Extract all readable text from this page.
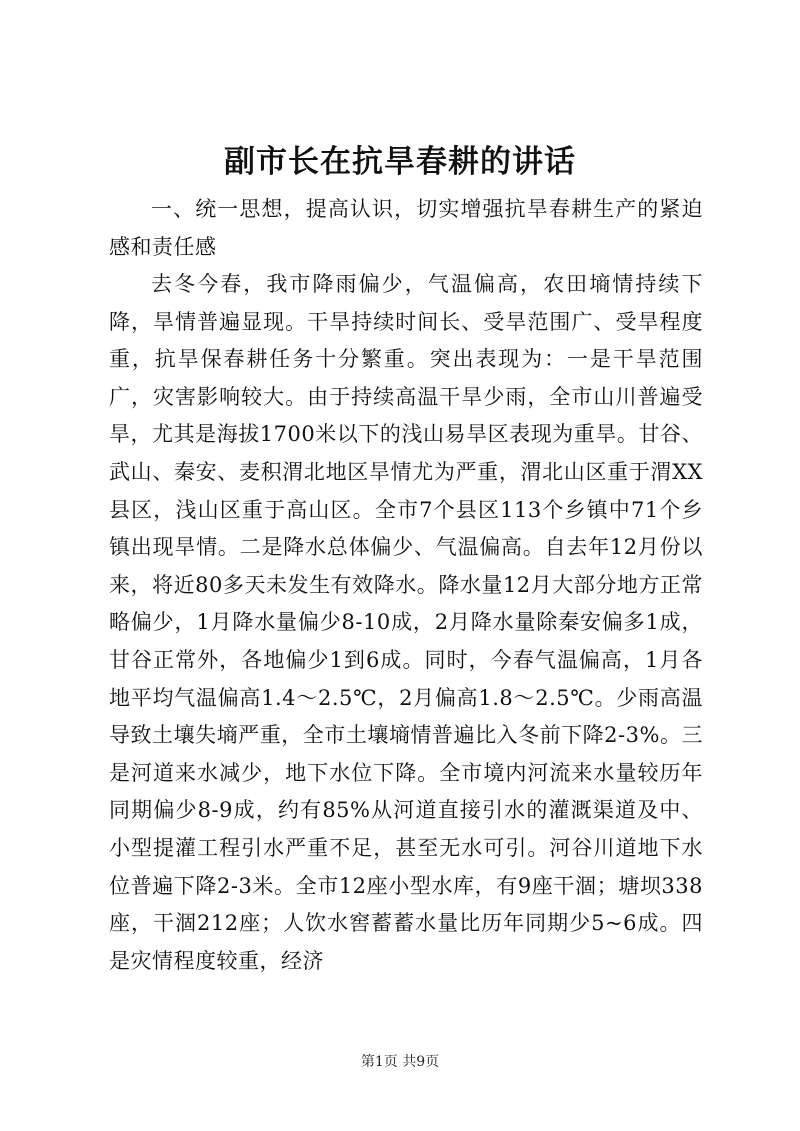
副市长在抗旱春耕的讲话

一、统一思想，提高认识，切实增强抗旱春耕生产的紧迫感和责任感

去冬今春，我市降雨偏少，气温偏高，农田墒情持续下降，旱情普遍显现。干旱持续时间长、受旱范围广、受旱程度重，抗旱保春耕任务十分繁重。突出表现为：一是干旱范围广，灾害影响较大。由于持续高温干旱少雨，全市山川普遍受旱，尤其是海拔1700米以下的浅山易旱区表现为重旱。甘谷、武山、秦安、麦积渭北地区旱情尤为严重，渭北山区重于渭XX县区，浅山区重于高山区。全市7个县区113个乡镇中71个乡镇出现旱情。二是降水总体偏少、气温偏高。自去年12月份以来，将近80多天未发生有效降水。降水量12月大部分地方正常略偏少，1月降水量偏少8-10成，2月降水量除秦安偏多1成，甘谷正常外，各地偏少1到6成。同时，今春气温偏高，1月各地平均气温偏高1.4～2.5℃，2月偏高1.8～2.5℃。少雨高温导致土壤失墒严重，全市土壤墒情普遍比入冬前下降2-3%。三是河道来水减少，地下水位下降。全市境内河流来水量较历年同期偏少8-9成，约有85%从河道直接引水的灌溉渠道及中、小型提灌工程引水严重不足，甚至无水可引。河谷川道地下水位普遍下降2-3米。全市12座小型水库，有9座干涸；塘坝338座，干涸212座；人饮水窖蓄蓄水量比历年同期少5~6成。四是灾情程度较重，经济

第1页 共9页
